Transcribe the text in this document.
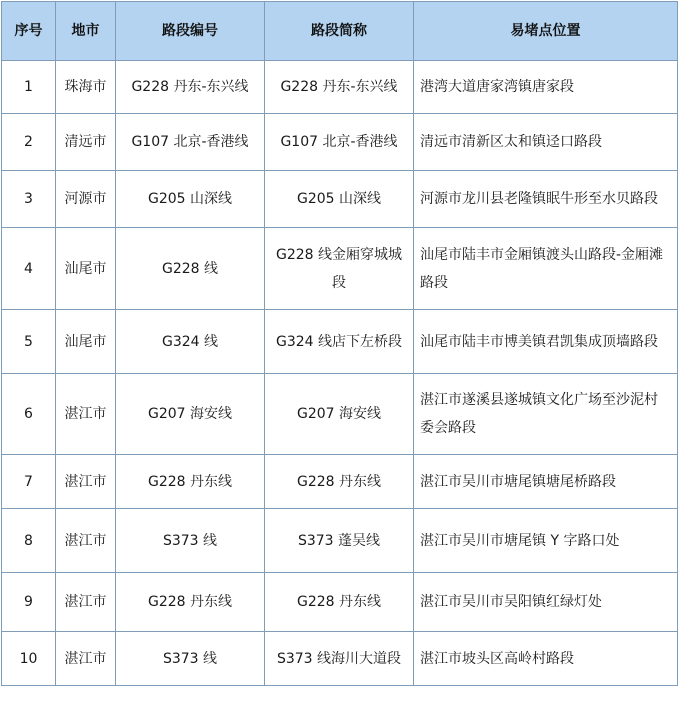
序号	地市	路段编号	路段简称	易堵点位置
1	珠海市	G228 丹东-东兴线	G228 丹东-东兴线	港湾大道唐家湾镇唐家段
2	清远市	G107 北京-香港线	G107 北京-香港线	清远市清新区太和镇迳口路段
3	河源市	G205 山深线	G205 山深线	河源市龙川县老隆镇眠牛形至水贝路段
4	汕尾市	G228 线	G228 线金厢穿城城段	汕尾市陆丰市金厢镇渡头山路段-金厢滩路段
5	汕尾市	G324 线	G324 线店下左桥段	汕尾市陆丰市博美镇君凯集成顶墙路段
6	湛江市	G207 海安线	G207 海安线	湛江市遂溪县遂城镇文化广场至沙泥村委会路段
7	湛江市	G228 丹东线	G228 丹东线	湛江市吴川市塘尾镇塘尾桥路段
8	湛江市	S373 线	S373 蓬吴线	湛江市吴川市塘尾镇 Y 字路口处
9	湛江市	G228 丹东线	G228 丹东线	湛江市吴川市吴阳镇红绿灯处
10	湛江市	S373 线	S373 线海川大道段	湛江市坡头区高岭村路段
